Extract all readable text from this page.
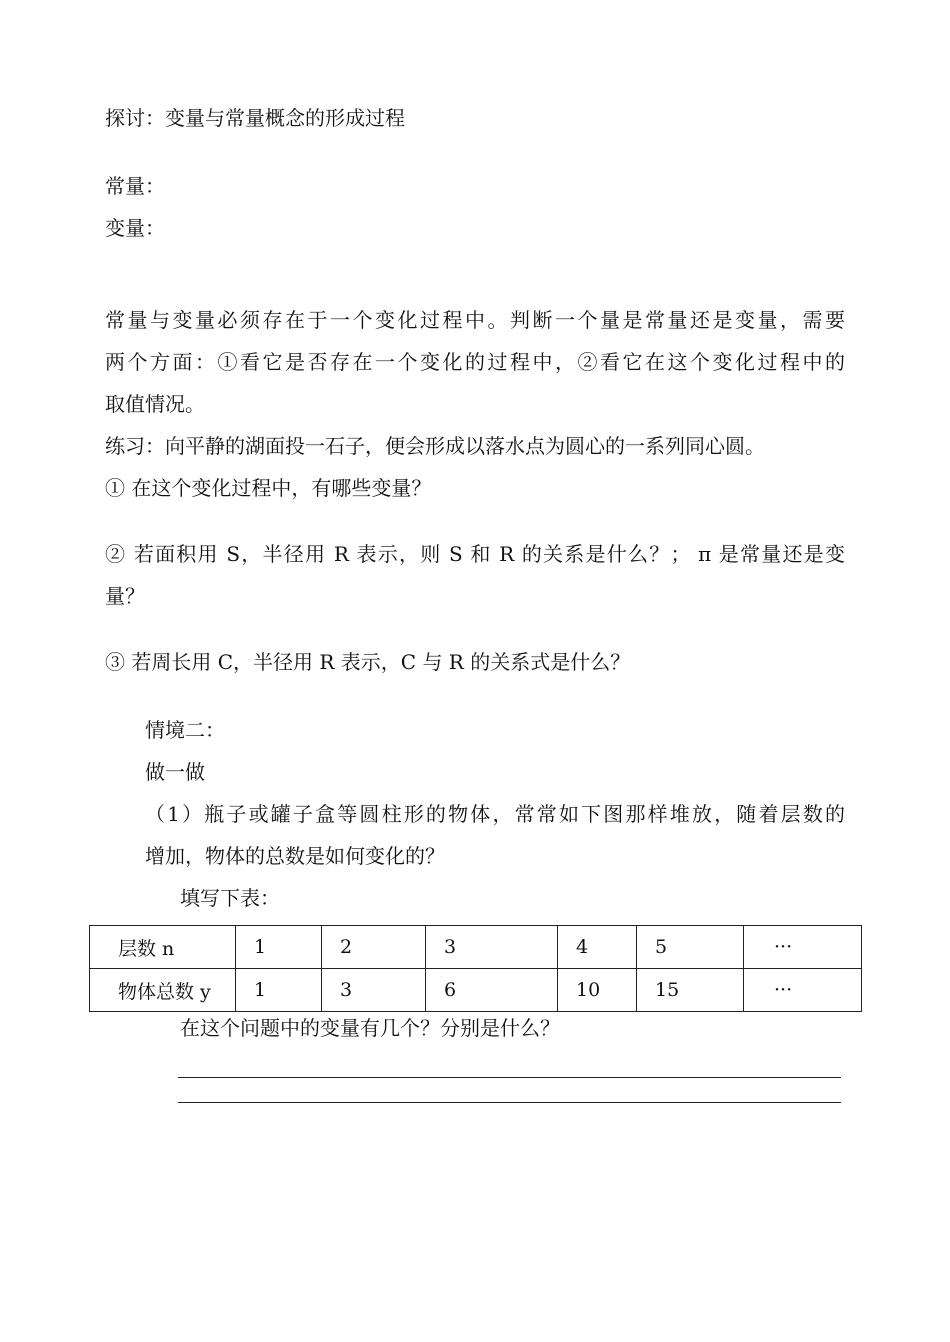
探讨：变量与常量概念的形成过程
常量：
变量：
常量与变量必须存在于一个变化过程中。判断一个量是常量还是变量，需要
两个方面：①看它是否存在一个变化的过程中，②看它在这个变化过程中的
取值情况。
练习：向平静的湖面投一石子，便会形成以落水点为圆心的一系列同心圆。
① 在这个变化过程中，有哪些变量？
② 若面积用 S，半径用 R 表示，则 S 和 R 的关系是什么？； π 是常量还是变
量？
③ 若周长用 C，半径用 R 表示，C 与 R 的关系式是什么？
情境二：
做一做
（1）瓶子或罐子盒等圆柱形的物体，常常如下图那样堆放，随着层数的
增加，物体的总数是如何变化的？
填写下表：
层数 n	1	2	3	4	5	···
物体总数 y	1	3	6	10	15	···
在这个问题中的变量有几个？分别是什么？
